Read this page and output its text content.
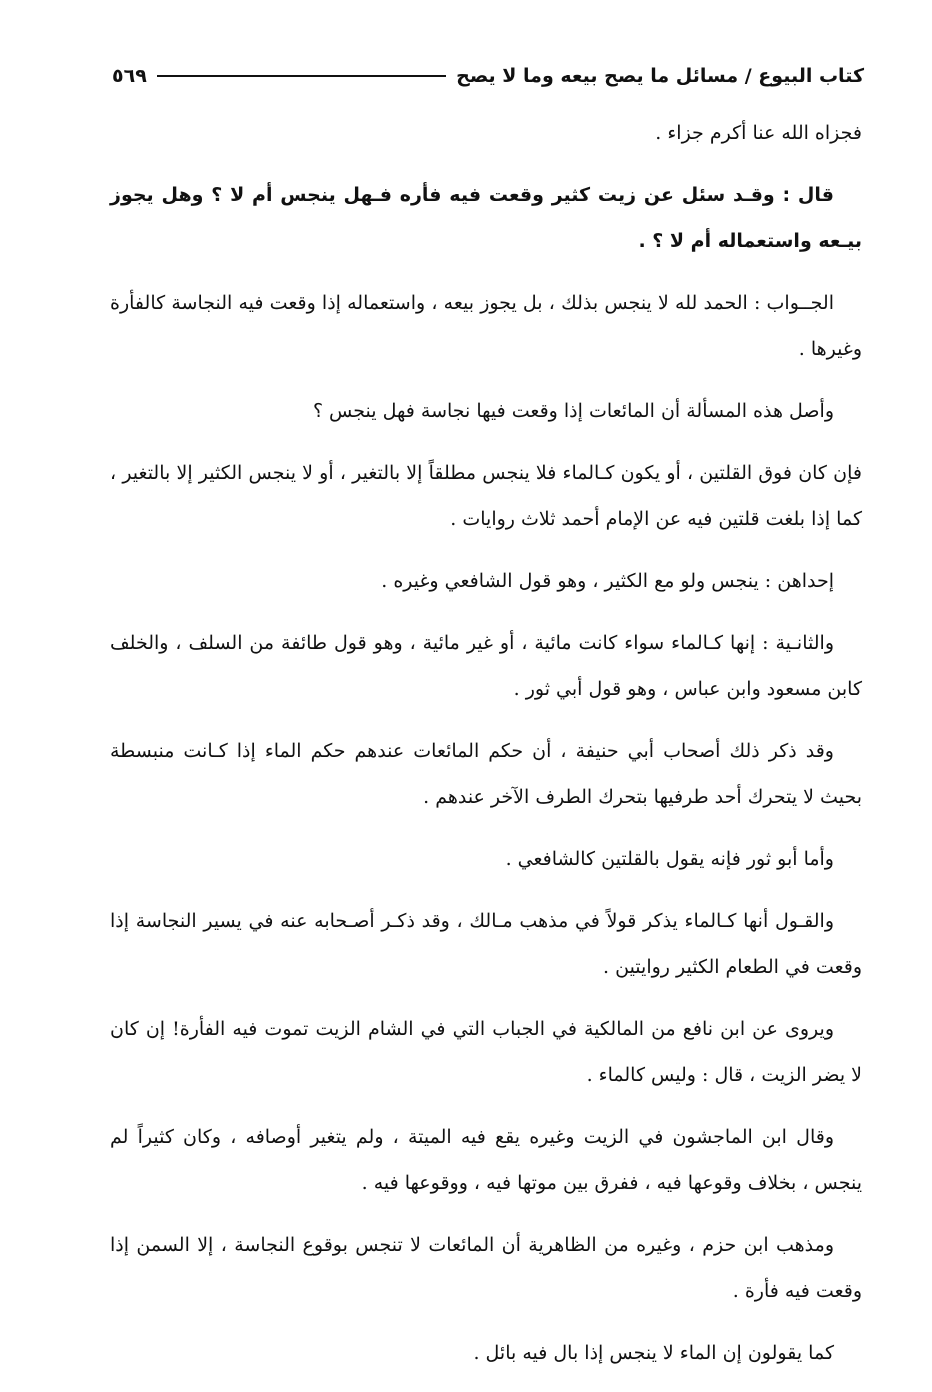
كتاب البيوع / مسائل ما يصح بيعه وما لا يصح
٥٦٩

فجزاه الله عنا أكرم جزاء .

قال : وقـد سئل عن زيت كثير وقعت فيه فأره فـهل ينجس أم لا ؟ وهل يجوز بيـعه واستعماله أم لا ؟ .

الجــواب : الحمد لله لا ينجس بذلك ، بل يجوز بيعه ، واستعماله إذا وقعت فيه النجاسة كالفأرة وغيرها .

وأصل هذه المسألة أن المائعات إذا وقعت فيها نجاسة فهل ينجس ؟

فإن كان فوق القلتين ، أو يكون كـالماء فلا ينجس مطلقاً إلا بالتغير ، أو لا ينجس الكثير إلا بالتغير ، كما إذا بلغت قلتين فيه عن الإمام أحمد ثلاث روايات .

إحداهن : ينجس ولو مع الكثير ، وهو قول الشافعي وغيره .

والثانـية : إنها كـالماء سواء كانت مائية ، أو غير مائية ، وهو قول طائفة من السلف ، والخلف كابن مسعود وابن عباس ، وهو قول أبي ثور .

وقد ذكر ذلك أصحاب أبي حنيفة ، أن حكم المائعات عندهم حكم الماء إذا كـانت منبسطة بحيث لا يتحرك أحد طرفيها بتحرك الطرف الآخر عندهم .

وأما أبو ثور فإنه يقول بالقلتين كالشافعي .

والقـول أنها كـالماء يذكر قولاً في مذهب مـالك ، وقد ذكـر أصـحابه عنه في يسير النجاسة إذا وقعت في الطعام الكثير روايتين .

ويروى عن ابن نافع من المالكية في الجباب التي في الشام الزيت تموت فيه الفأرة! إن كان لا يضر الزيت ، قال : وليس كالماء .

وقال ابن الماجشون في الزيت وغيره يقع فيه الميتة ، ولم يتغير أوصافه ، وكان كثيراً لم ينجس ، بخلاف وقوعها فيه ، ففرق بين موتها فيه ، ووقوعها فيه .

ومذهب ابن حزم ، وغيره من الظاهرية أن المائعات لا تنجس بوقوع النجاسة ، إلا السمن إذا وقعت فيه فأرة .

كما يقولون إن الماء لا ينجس إذا بال فيه بائل .
